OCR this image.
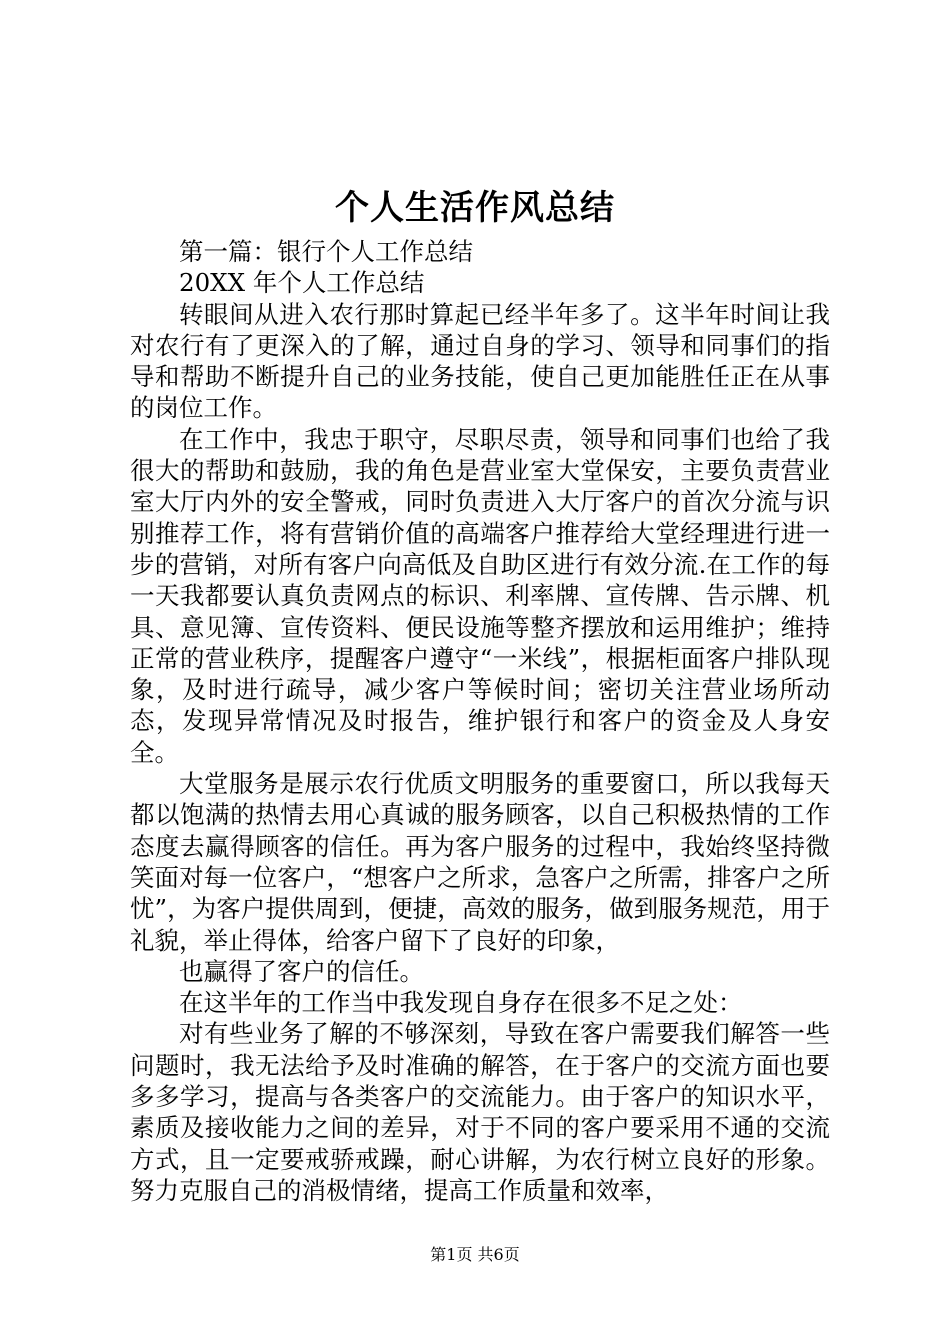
个人生活作风总结

第一篇：银行个人工作总结

20XX 年个人工作总结

转眼间从进入农行那时算起已经半年多了。这半年时间让我对农行有了更深入的了解，通过自身的学习、领导和同事们的指导和帮助不断提升自己的业务技能，使自己更加能胜任正在从事的岗位工作。

在工作中，我忠于职守，尽职尽责，领导和同事们也给了我很大的帮助和鼓励，我的角色是营业室大堂保安，主要负责营业室大厅内外的安全警戒，同时负责进入大厅客户的首次分流与识别推荐工作，将有营销价值的高端客户推荐给大堂经理进行进一步的营销，对所有客户向高低及自助区进行有效分流.在工作的每一天我都要认真负责网点的标识、利率牌、宣传牌、告示牌、机具、意见簿、宣传资料、便民设施等整齐摆放和运用维护；维持正常的营业秩序，提醒客户遵守“一米线”，根据柜面客户排队现象，及时进行疏导，减少客户等候时间；密切关注营业场所动态，发现异常情况及时报告，维护银行和客户的资金及人身安全。

大堂服务是展示农行优质文明服务的重要窗口，所以我每天都以饱满的热情去用心真诚的服务顾客，以自己积极热情的工作态度去赢得顾客的信任。再为客户服务的过程中，我始终坚持微笑面对每一位客户，“想客户之所求，急客户之所需，排客户之所忧”，为客户提供周到，便捷，高效的服务，做到服务规范，用于礼貌，举止得体，给客户留下了良好的印象，

也赢得了客户的信任。

在这半年的工作当中我发现自身存在很多不足之处：

对有些业务了解的不够深刻，导致在客户需要我们解答一些问题时，我无法给予及时准确的解答，在于客户的交流方面也要多多学习，提高与各类客户的交流能力。由于客户的知识水平，素质及接收能力之间的差异，对于不同的客户要采用不通的交流方式，且一定要戒骄戒躁，耐心讲解，为农行树立良好的形象。努力克服自己的消极情绪，提高工作质量和效率，

第1页 共6页
